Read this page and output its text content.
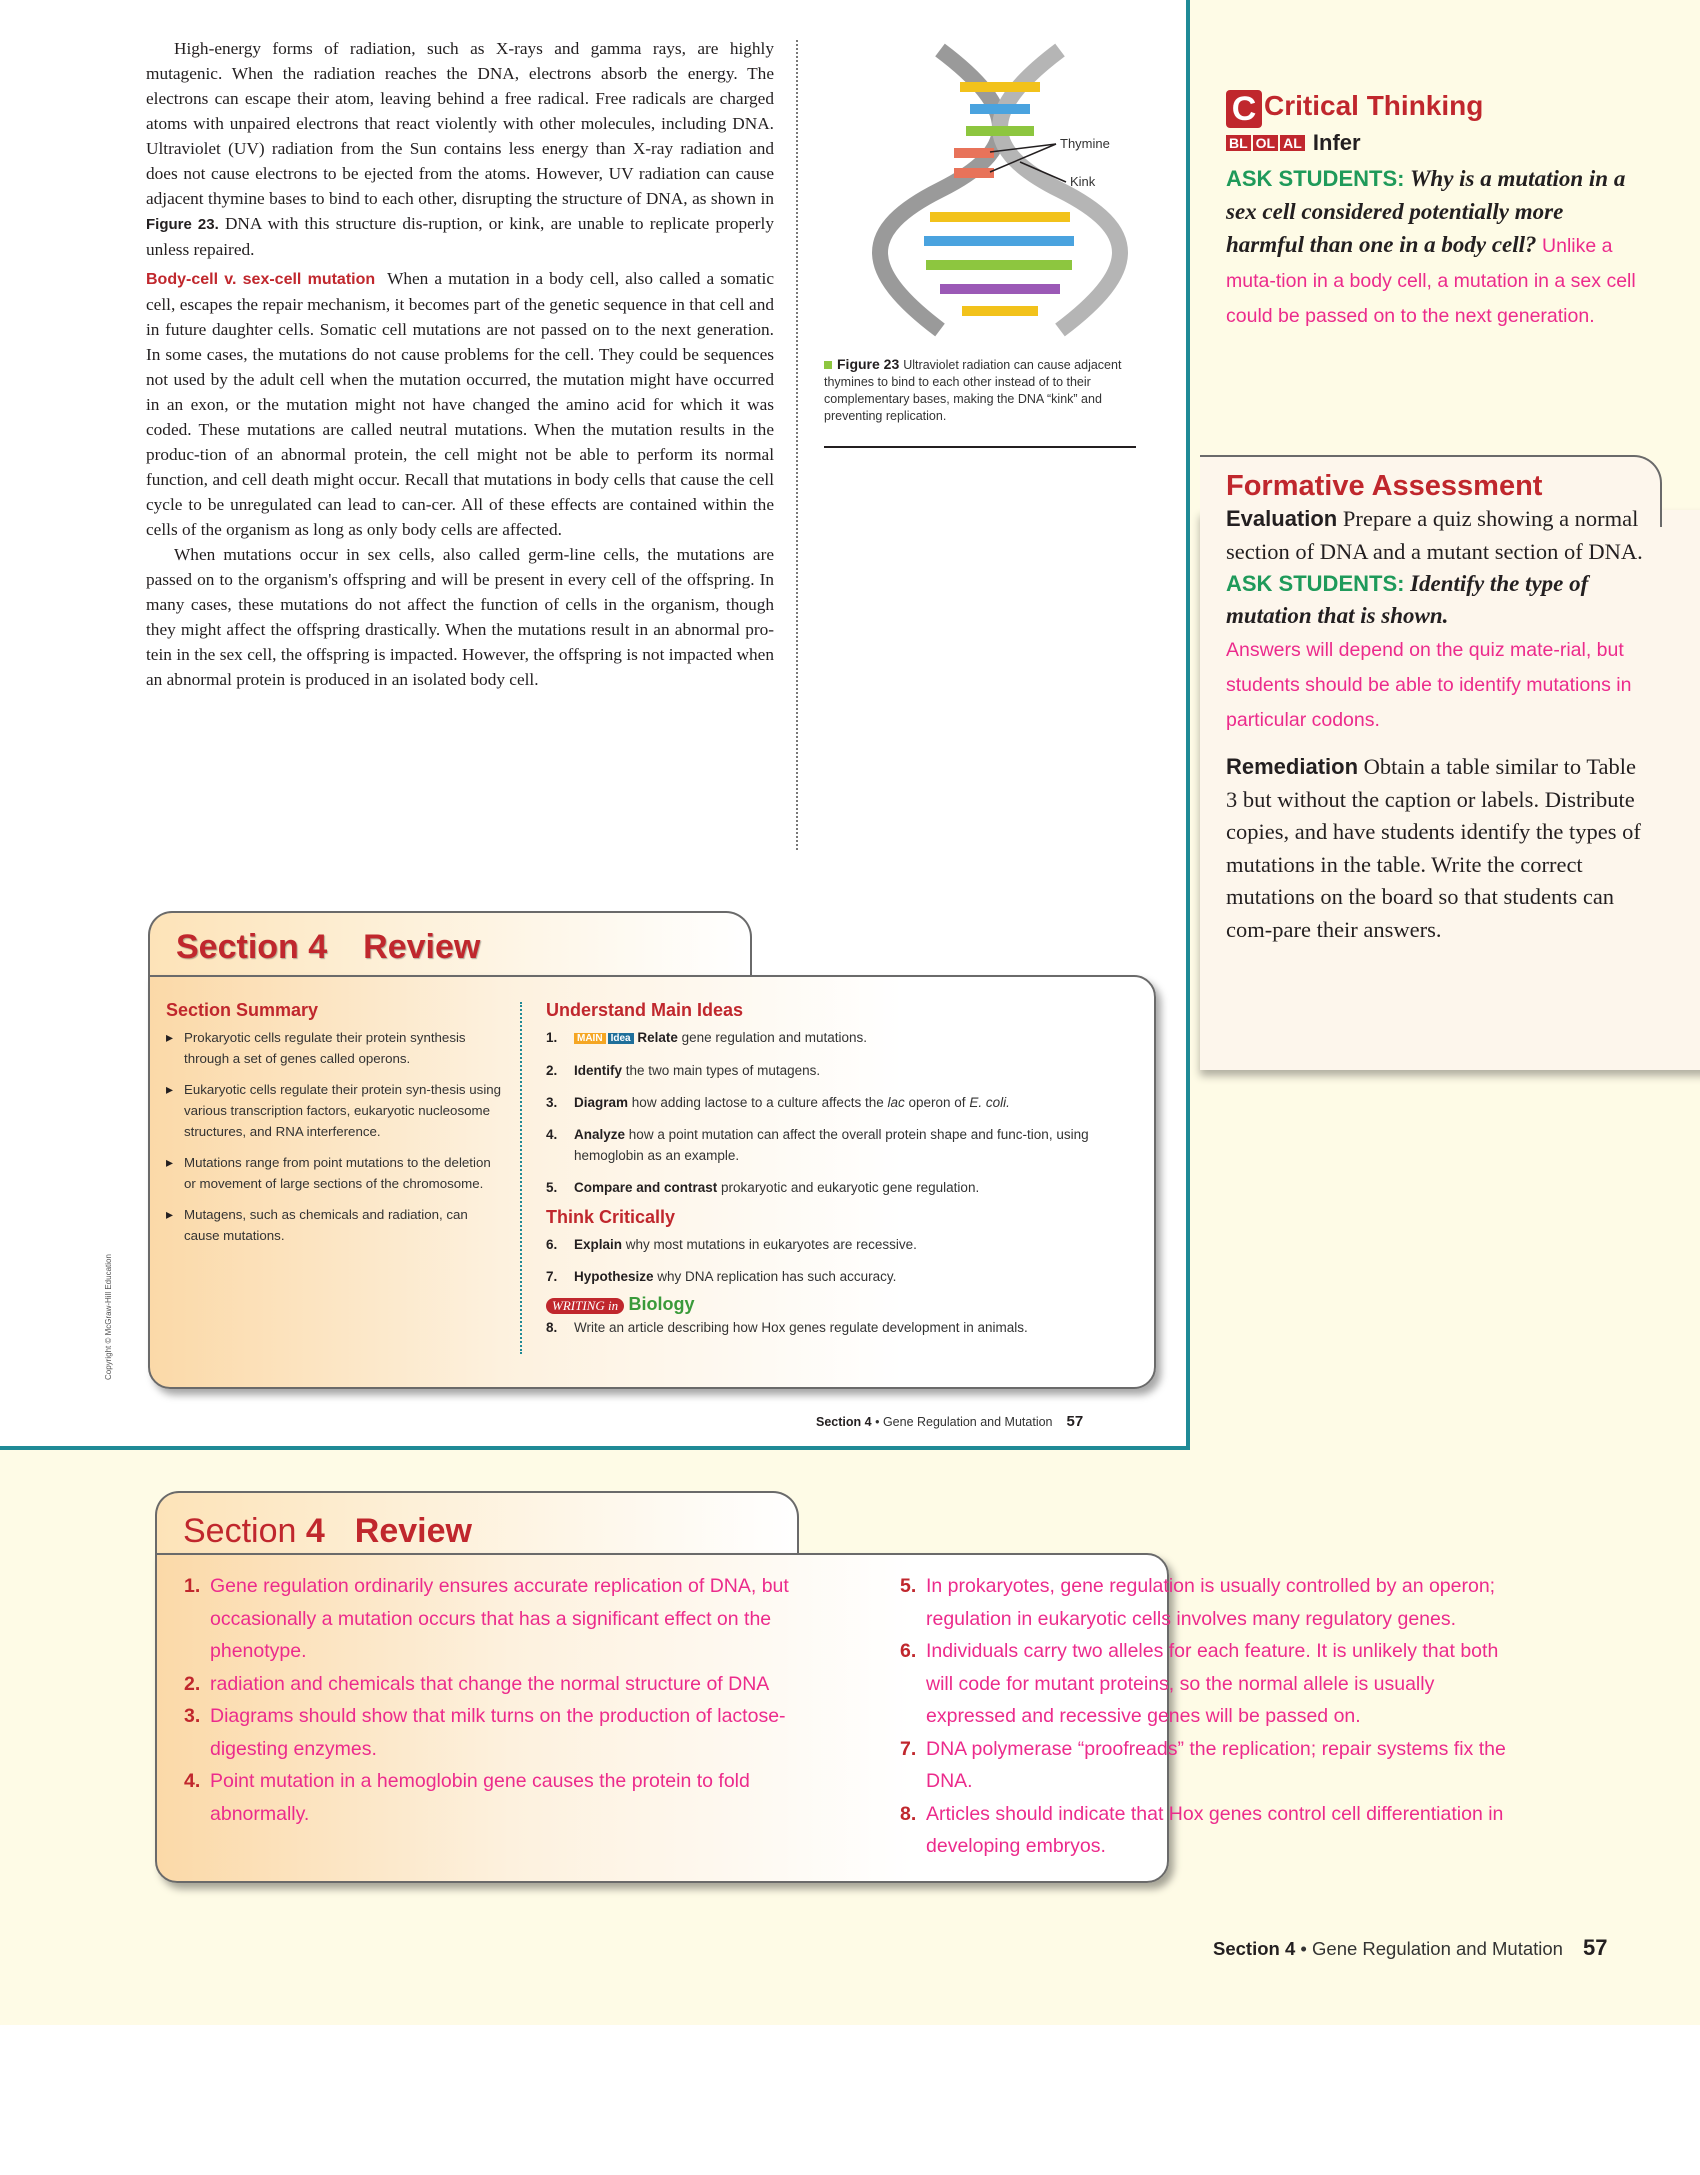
High-energy forms of radiation, such as X-rays and gamma rays, are highly mutagenic. When the radiation reaches the DNA, electrons absorb the energy. The electrons can escape their atom, leaving behind a free radical. Free radicals are charged atoms with unpaired electrons that react violently with other molecules, including DNA. Ultraviolet (UV) radiation from the Sun contains less energy than X-ray radiation and does not cause electrons to be ejected from the atoms. However, UV radiation can cause adjacent thymine bases to bind to each other, disrupting the structure of DNA, as shown in Figure 23. DNA with this structure dis-ruption, or kink, are unable to replicate properly unless repaired.

Body-cell v. sex-cell mutation When a mutation in a body cell, also called a somatic cell, escapes the repair mechanism, it becomes part of the genetic sequence in that cell and in future daughter cells. Somatic cell mutations are not passed on to the next generation. In some cases, the mutations do not cause problems for the cell. They could be sequences not used by the adult cell when the mutation occurred, the mutation might have occurred in an exon, or the mutation might not have changed the amino acid for which it was coded. These mutations are called neutral mutations. When the mutation results in the produc-tion of an abnormal protein, the cell might not be able to perform its normal function, and cell death might occur. Recall that mutations in body cells that cause the cell cycle to be unregulated can lead to can-cer. All of these effects are contained within the cells of the organism as long as only body cells are affected.

When mutations occur in sex cells, also called germ-line cells, the mutations are passed on to the organism's offspring and will be present in every cell of the offspring. In many cases, these mutations do not affect the function of cells in the organism, though they might affect the offspring drastically. When the mutations result in an abnormal pro-tein in the sex cell, the offspring is impacted. However, the offspring is not impacted when an abnormal protein is produced in an isolated body cell.

Thymine
Kink
Figure 23 Ultraviolet radiation can cause adjacent thymines to bind to each other instead of to their complementary bases, making the DNA “kink” and preventing replication.
Copyright © McGraw-Hill Education
Section 4 Review
Section Summary
▸ Prokaryotic cells regulate their protein synthesis through a set of genes called operons.
▸ Eukaryotic cells regulate their protein syn-thesis using various transcription factors, eukaryotic nucleosome structures, and RNA interference.
▸ Mutations range from point mutations to the deletion or movement of large sections of the chromosome.
▸ Mutagens, such as chemicals and radiation, can cause mutations.
Understand Main Ideas
1. MAIN Idea Relate gene regulation and mutations.
2. Identify the two main types of mutagens.
3. Diagram how adding lactose to a culture affects the lac operon of E. coli.
4. Analyze how a point mutation can affect the overall protein shape and func-tion, using hemoglobin as an example.
5. Compare and contrast prokaryotic and eukaryotic gene regulation.
Think Critically
6. Explain why most mutations in eukaryotes are recessive.
7. Hypothesize why DNA replication has such accuracy.
WRITING in Biology
8. Write an article describing how Hox genes regulate development in animals.
Section 4 • Gene Regulation and Mutation 57
C Critical Thinking
BL OL AL Infer

ASK STUDENTS: Why is a mutation in a sex cell considered potentially more harmful than one in a body cell? Unlike a muta-tion in a body cell, a mutation in a sex cell could be passed on to the next generation.

Formative Assessment

Evaluation Prepare a quiz showing a normal section of DNA and a mutant section of DNA.

ASK STUDENTS: Identify the type of mutation that is shown.

Answers will depend on the quiz mate-rial, but students should be able to identify mutations in particular codons.

Remediation Obtain a table similar to Table 3 but without the caption or labels. Distribute copies, and have students identify the types of mutations in the table. Write the correct mutations on the board so that students can com-pare their answers.

Section 4 Review
1. Gene regulation ordinarily ensures accurate replication of DNA, but occasionally a mutation occurs that has a significant effect on the phenotype.
2. radiation and chemicals that change the normal structure of DNA
3. Diagrams should show that milk turns on the production of lactose-digesting enzymes.
4. Point mutation in a hemoglobin gene causes the protein to fold abnormally.
5. In prokaryotes, gene regulation is usually controlled by an operon; regulation in eukaryotic cells involves many regulatory genes.
6. Individuals carry two alleles for each feature. It is unlikely that both will code for mutant proteins, so the normal allele is usually expressed and recessive genes will be passed on.
7. DNA polymerase “proofreads” the replication; repair systems fix the DNA.
8. Articles should indicate that Hox genes control cell differentiation in developing embryos.
Section 4 • Gene Regulation and Mutation 57
